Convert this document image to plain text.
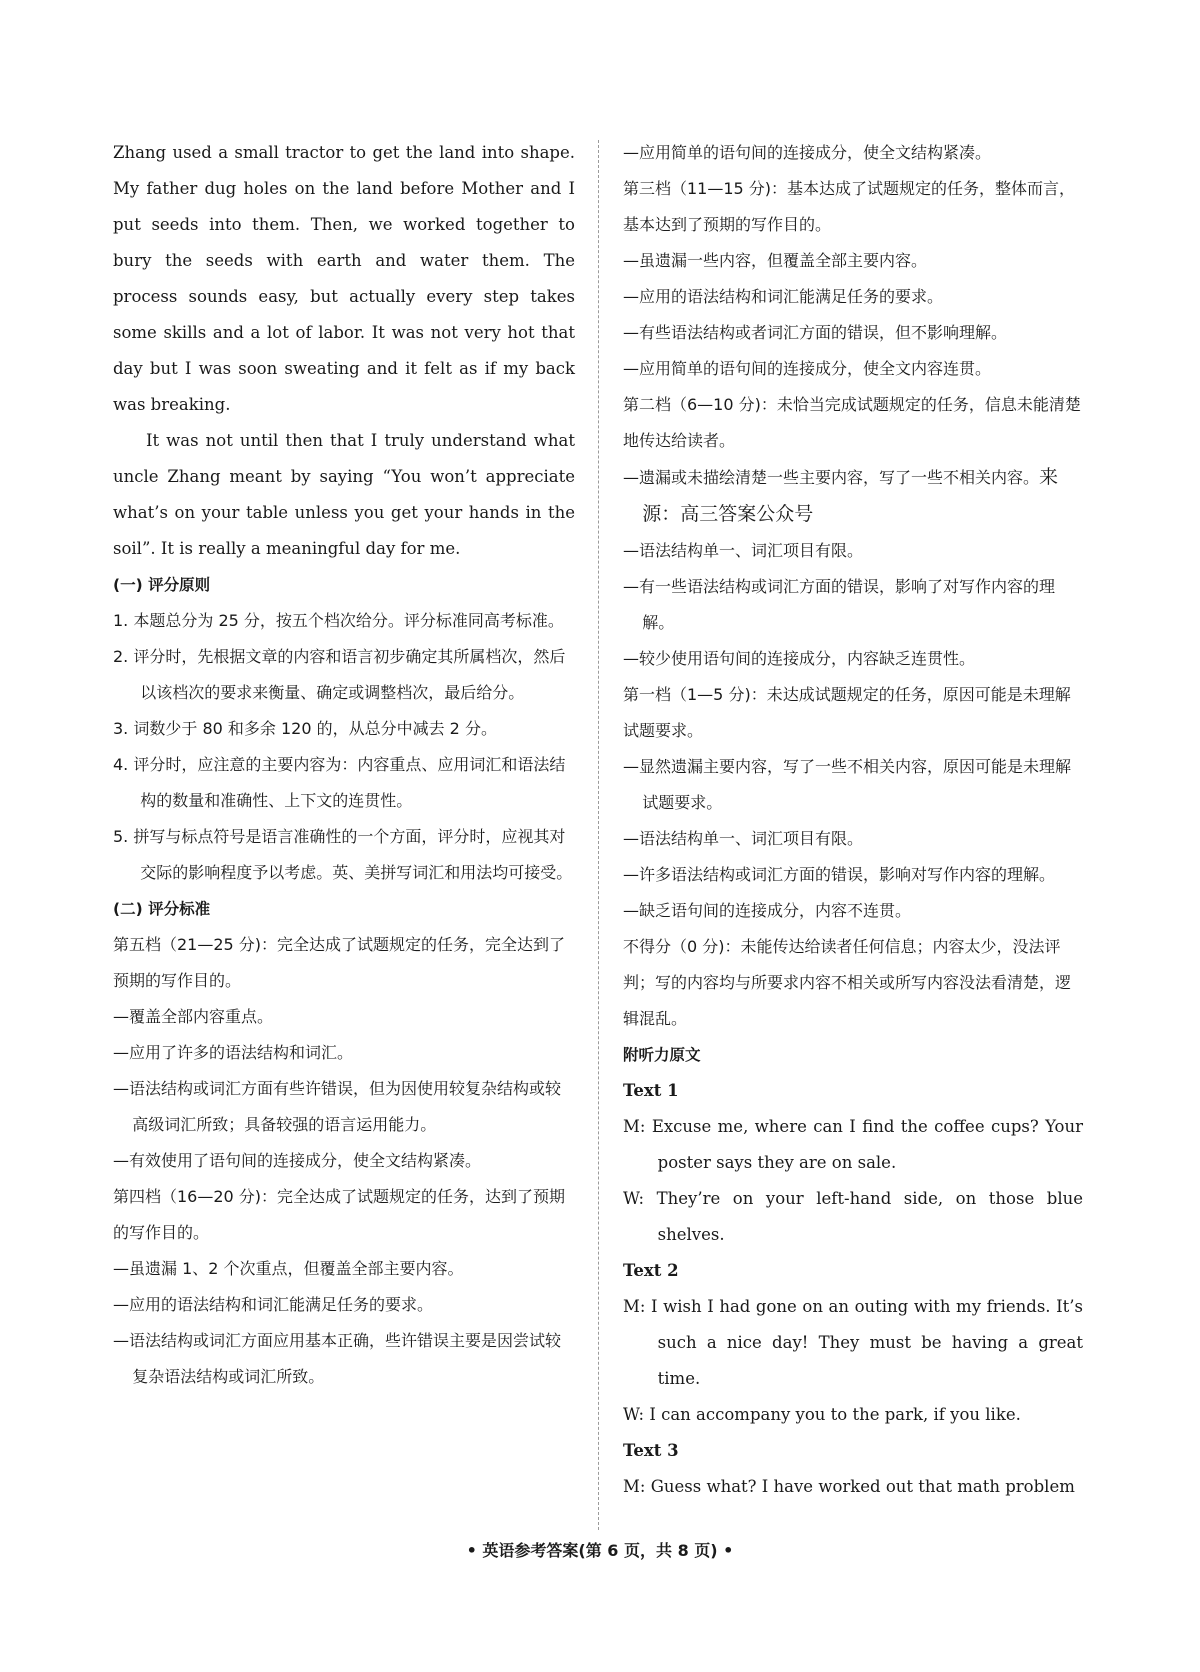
Zhang used a small tractor to get the land into shape. My father dug holes on the land before Mother and I put seeds into them. Then, we worked together to bury the seeds with earth and water them. The process sounds easy, but actually every step takes some skills and a lot of labor. It was not very hot that day but I was soon sweating and it felt as if my back was breaking.

It was not until then that I truly understand what uncle Zhang meant by saying “You won’t appreciate what’s on your table unless you get your hands in the soil”. It is really a meaningful day for me.

(一) 评分原则

1. 本题总分为 25 分，按五个档次给分。评分标准同高考标准。

2. 评分时，先根据文章的内容和语言初步确定其所属档次，然后以该档次的要求来衡量、确定或调整档次，最后给分。

3. 词数少于 80 和多余 120 的，从总分中减去 2 分。

4. 评分时，应注意的主要内容为：内容重点、应用词汇和语法结构的数量和准确性、上下文的连贯性。

5. 拼写与标点符号是语言准确性的一个方面，评分时，应视其对交际的影响程度予以考虑。英、美拼写词汇和用法均可接受。

(二) 评分标准

第五档（21—25 分)：完全达成了试题规定的任务，完全达到了预期的写作目的。

—覆盖全部内容重点。

—应用了许多的语法结构和词汇。

—语法结构或词汇方面有些许错误，但为因使用较复杂结构或较高级词汇所致；具备较强的语言运用能力。

—有效使用了语句间的连接成分，使全文结构紧凑。

第四档（16—20 分)：完全达成了试题规定的任务，达到了预期的写作目的。

—虽遗漏 1、2 个次重点，但覆盖全部主要内容。

—应用的语法结构和词汇能满足任务的要求。

—语法结构或词汇方面应用基本正确，些许错误主要是因尝试较复杂语法结构或词汇所致。

—应用简单的语句间的连接成分，使全文结构紧凑。

第三档（11—15 分)：基本达成了试题规定的任务，整体而言，基本达到了预期的写作目的。

—虽遗漏一些内容，但覆盖全部主要内容。

—应用的语法结构和词汇能满足任务的要求。

—有些语法结构或者词汇方面的错误，但不影响理解。

—应用简单的语句间的连接成分，使全文内容连贯。

第二档（6—10 分)：未恰当完成试题规定的任务，信息未能清楚地传达给读者。

—遗漏或未描绘清楚一些主要内容，写了一些不相关内容。来源：高三答案公众号

—语法结构单一、词汇项目有限。

—有一些语法结构或词汇方面的错误，影响了对写作内容的理解。

—较少使用语句间的连接成分，内容缺乏连贯性。

第一档（1—5 分)：未达成试题规定的任务，原因可能是未理解试题要求。

—显然遗漏主要内容，写了一些不相关内容，原因可能是未理解试题要求。

—语法结构单一、词汇项目有限。

—许多语法结构或词汇方面的错误，影响对写作内容的理解。

—缺乏语句间的连接成分，内容不连贯。

不得分（0 分)：未能传达给读者任何信息；内容太少，没法评判；写的内容均与所要求内容不相关或所写内容没法看清楚，逻辑混乱。

附听力原文

Text 1

M: Excuse me, where can I find the coffee cups? Your poster says they are on sale.

W: They’re on your left-hand side, on those blue shelves.

Text 2

M: I wish I had gone on an outing with my friends. It’s such a nice day! They must be having a great time.

W: I can accompany you to the park, if you like.

Text 3

M: Guess what? I have worked out that math problem

• 英语参考答案(第 6 页，共 8 页) •
